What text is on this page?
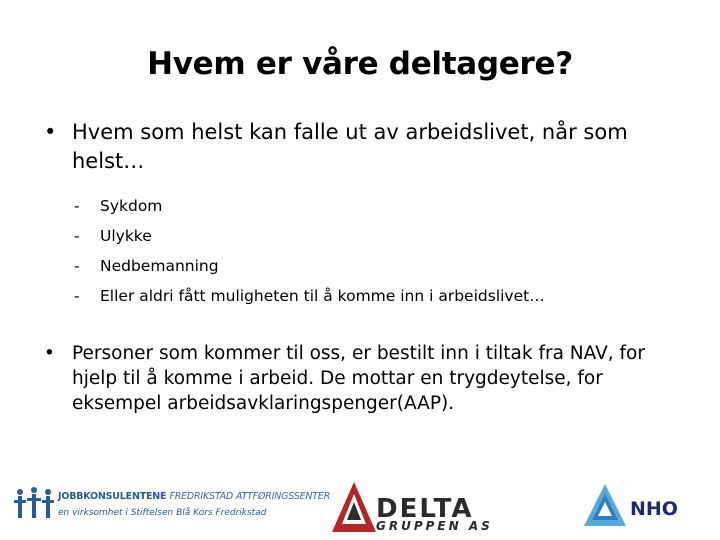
Hvem er våre deltagere?
• Hvem som helst kan falle ut av arbeidslivet, når som
helst…
-	Sykdom
-	Ulykke
-	Nedbemanning
-	Eller aldri fått muligheten til å komme inn i arbeidslivet…
• Personer som kommer til oss, er bestilt inn i tiltak fra NAV, for
hjelp til å komme i arbeid. De mottar en trygdeytelse, for
eksempel arbeidsavklaringspenger(AAP).
JOBBKONSULENTENE FREDRIKSTAD ATTFØRINGSSENTER
en virksomhet i Stiftelsen Blå Kors Fredrikstad	DELTA
GRUPPEN AS
NHO
